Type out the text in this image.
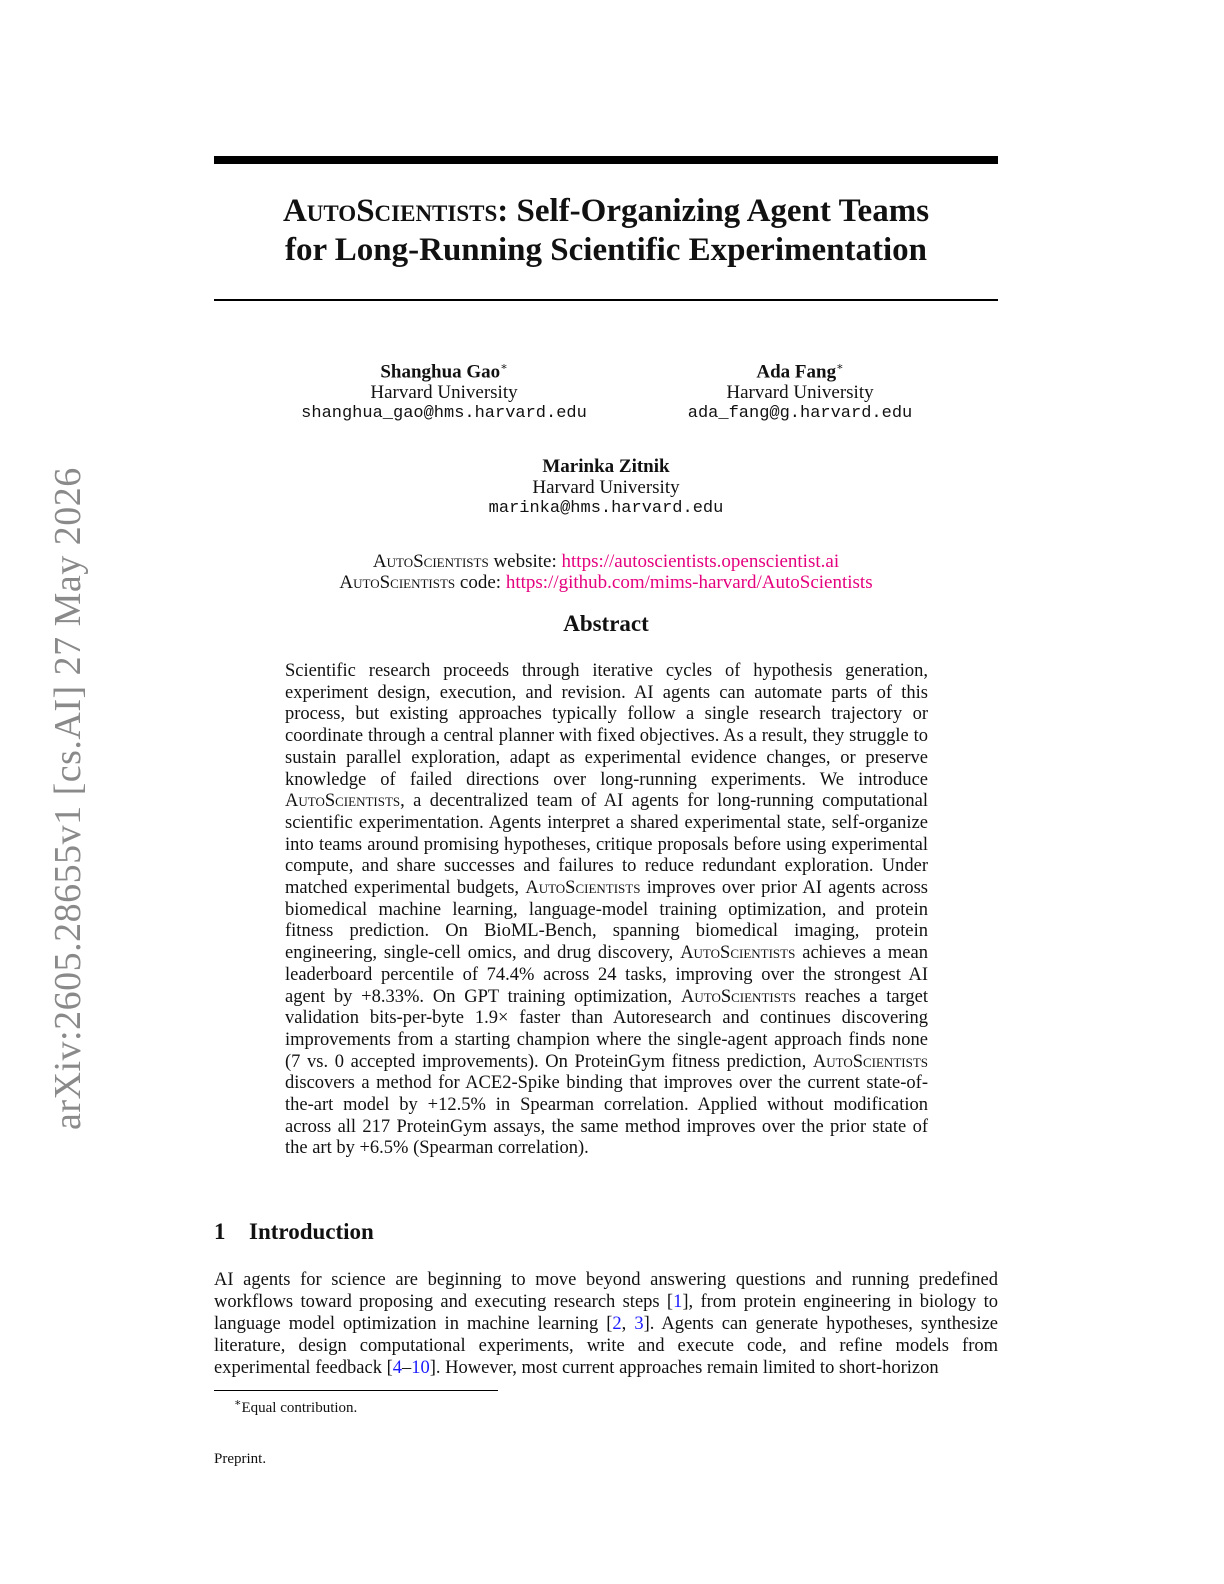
arXiv:2605.28655v1 [cs.AI] 27 May 2026
AutoScientists: Self-Organizing Agent Teams
for Long-Running Scientific Experimentation
Shanghua Gao∗
Harvard University
shanghua_gao@hms.harvard.edu
Ada Fang∗
Harvard University
ada_fang@g.harvard.edu
Marinka Zitnik
Harvard University
marinka@hms.harvard.edu
AutoScientists website: https://autoscientists.openscientist.ai
AutoScientists code: https://github.com/mims-harvard/AutoScientists
Abstract

Scientific research proceeds through iterative cycles of hypothesis generation, experiment design, execution, and revision. AI agents can automate parts of this process, but existing approaches typically follow a single research trajectory or coordinate through a central planner with fixed objectives. As a result, they struggle to sustain parallel exploration, adapt as experimental evidence changes, or preserve knowledge of failed directions over long-running experiments. We introduce AutoScientists, a decentralized team of AI agents for long-running computational scientific experimentation. Agents interpret a shared experimental state, self-organize into teams around promising hypotheses, critique proposals before using experimental compute, and share successes and failures to reduce redundant exploration. Under matched experimental budgets, AutoScientists improves over prior AI agents across biomedical machine learning, language-model training optimization, and protein fitness prediction. On BioML-Bench, spanning biomedical imaging, protein engineering, single-cell omics, and drug discovery, AutoScientists achieves a mean leaderboard percentile of 74.4% across 24 tasks, improving over the strongest AI agent by +8.33%. On GPT training optimization, AutoScientists reaches a target validation bits-per-byte 1.9× faster than Autoresearch and continues discovering improvements from a starting champion where the single-agent approach finds none (7 vs. 0 accepted improvements). On ProteinGym fitness prediction, AutoScientists discovers a method for ACE2-Spike binding that improves over the current state-of-the-art model by +12.5% in Spearman correlation. Applied without modification across all 217 ProteinGym assays, the same method improves over the prior state of the art by +6.5% (Spearman correlation).

1 Introduction

AI agents for science are beginning to move beyond answering questions and running predefined workflows toward proposing and executing research steps [1], from protein engineering in biology to language model optimization in machine learning [2, 3]. Agents can generate hypotheses, synthesize literature, design computational experiments, write and execute code, and refine models from experimental feedback [4–10]. However, most current approaches remain limited to short-horizon

∗Equal contribution.
Preprint.
